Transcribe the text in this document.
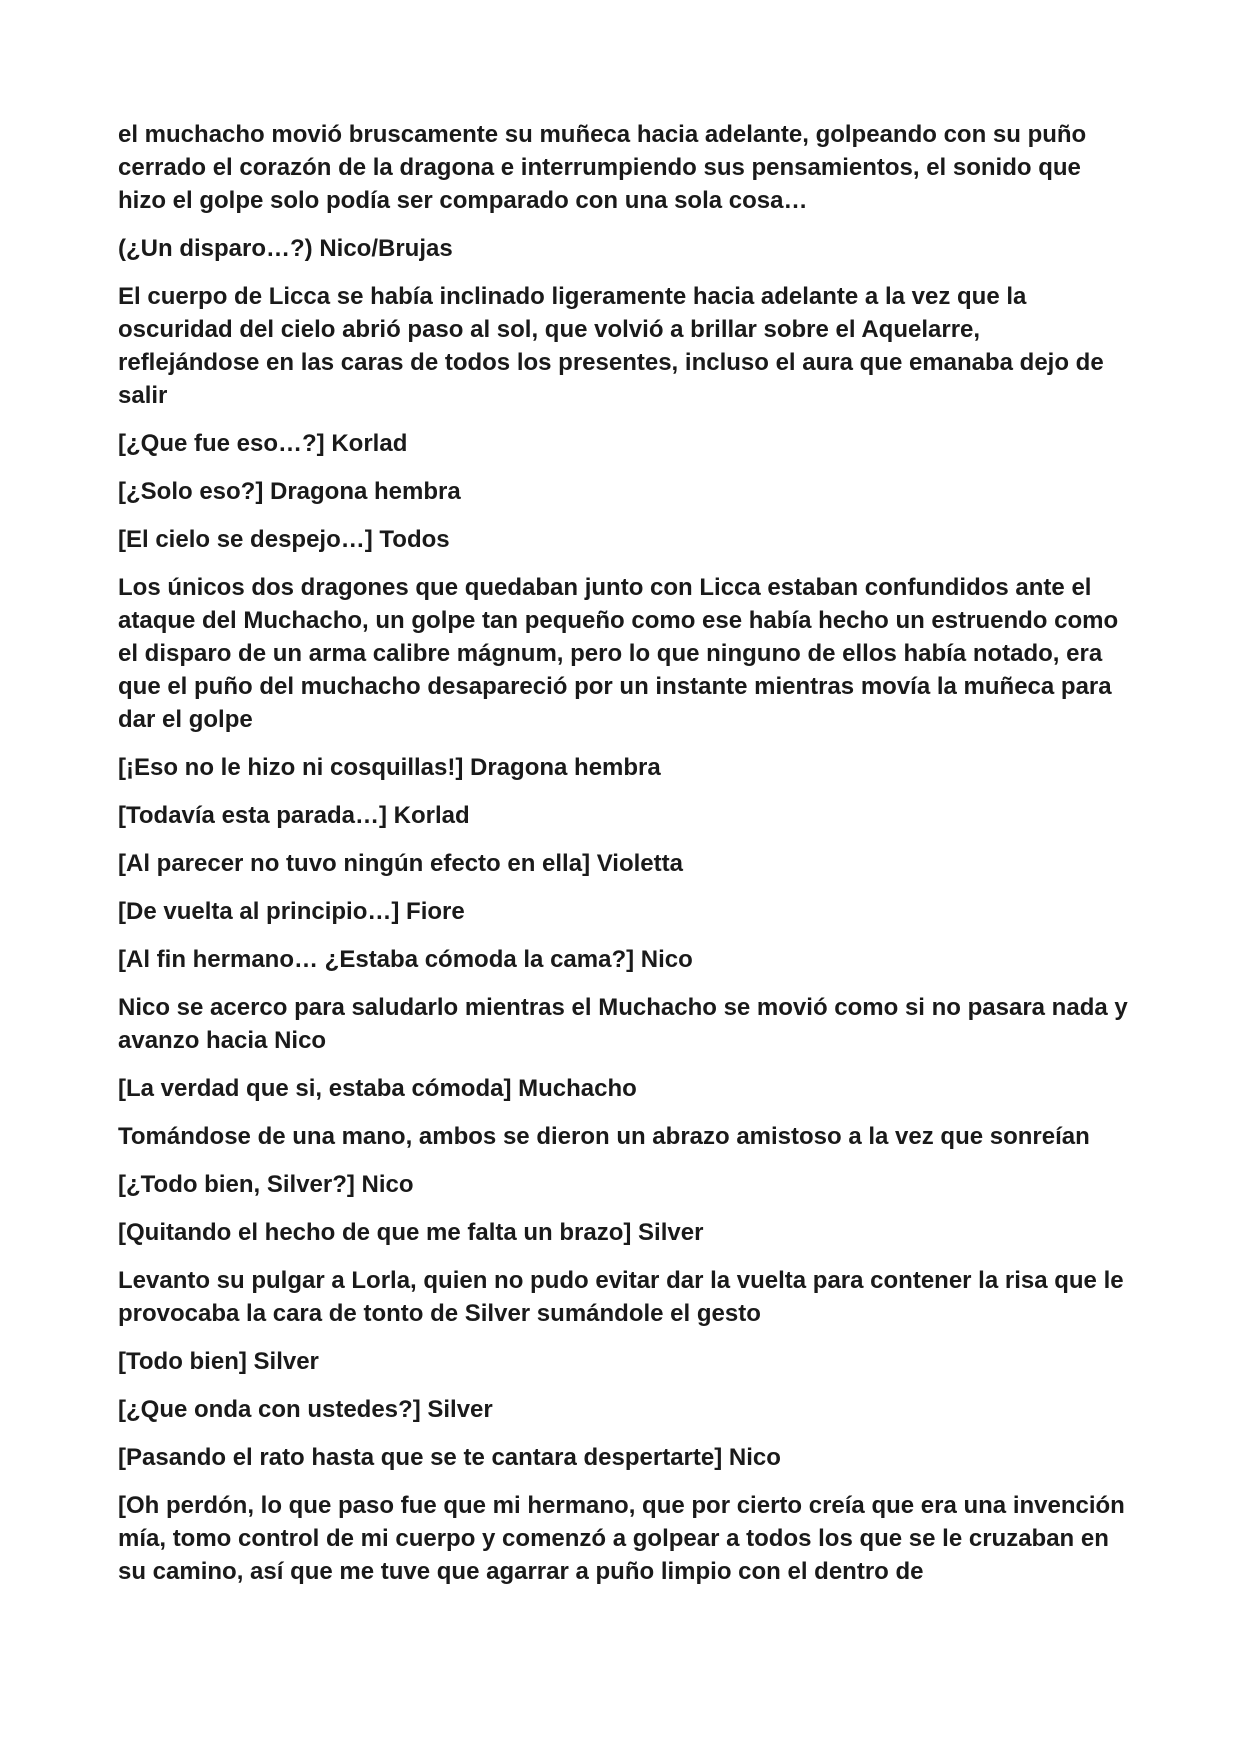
el muchacho movió bruscamente su muñeca hacia adelante, golpeando con su puño cerrado el corazón de la dragona e interrumpiendo sus pensamientos, el sonido que hizo el golpe solo podía ser comparado con una sola cosa…

(¿Un disparo…?) Nico/Brujas

El cuerpo de Licca se había inclinado ligeramente hacia adelante a la vez que la oscuridad del cielo abrió paso al sol, que volvió a brillar sobre el Aquelarre, reflejándose en las caras de todos los presentes, incluso el aura que emanaba dejo de salir

[¿Que fue eso…?] Korlad

[¿Solo eso?] Dragona hembra

[El cielo se despejo…] Todos

Los únicos dos dragones que quedaban junto con Licca estaban confundidos ante el ataque del Muchacho, un golpe tan pequeño como ese había hecho un estruendo como el disparo de un arma calibre mágnum, pero lo que ninguno de ellos había notado, era que el puño del muchacho desapareció por un instante mientras movía la muñeca para dar el golpe

[¡Eso no le hizo ni cosquillas!] Dragona hembra

[Todavía esta parada…] Korlad

[Al parecer no tuvo ningún efecto en ella] Violetta

[De vuelta al principio…] Fiore

[Al fin hermano… ¿Estaba cómoda la cama?] Nico

Nico se acerco para saludarlo mientras el Muchacho se movió como si no pasara nada y avanzo hacia Nico

[La verdad que si, estaba cómoda] Muchacho

Tomándose de una mano, ambos se dieron un abrazo amistoso a la vez que sonreían

[¿Todo bien, Silver?] Nico

[Quitando el hecho de que me falta un brazo] Silver

Levanto su pulgar a Lorla, quien no pudo evitar dar la vuelta para contener la risa que le provocaba la cara de tonto de Silver sumándole el gesto

[Todo bien] Silver

[¿Que onda con ustedes?] Silver

[Pasando el rato hasta que se te cantara despertarte] Nico

[Oh perdón, lo que paso fue que mi hermano, que por cierto creía que era una invención mía, tomo control de mi cuerpo y comenzó a golpear a todos los que se le cruzaban en su camino, así que me tuve que agarrar a puño limpio con el dentro de
